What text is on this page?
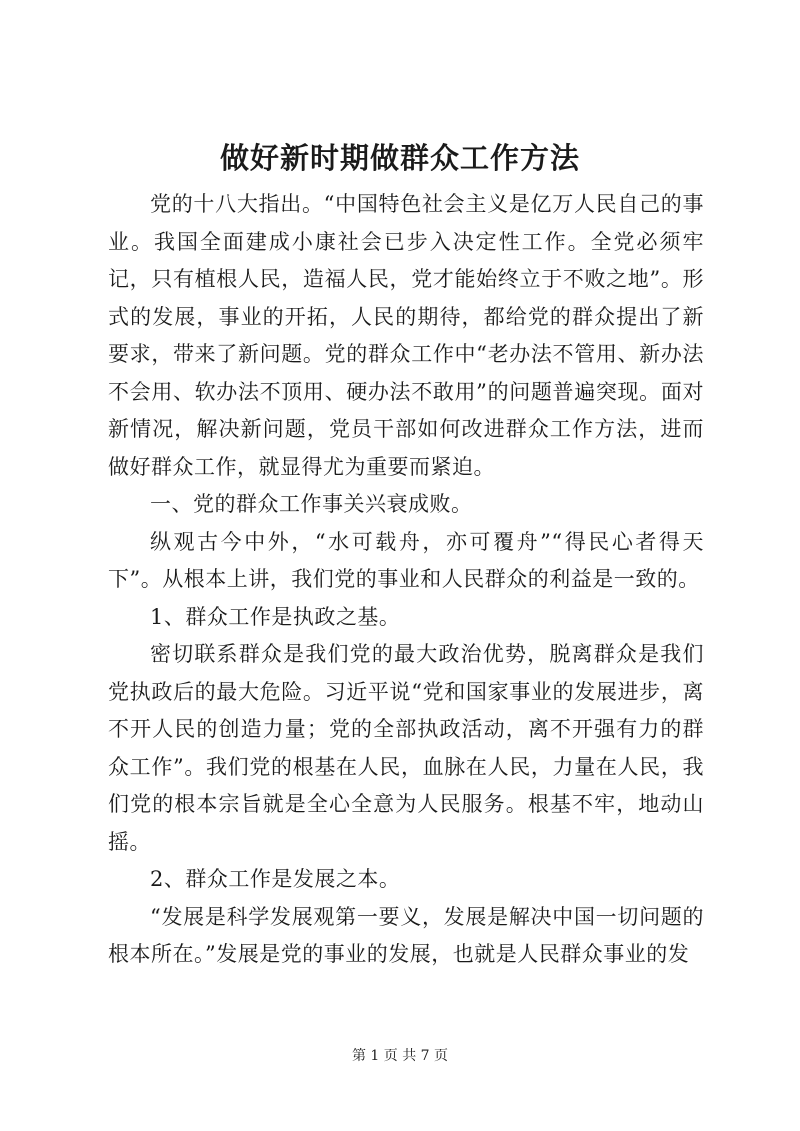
做好新时期做群众工作方法

党的十八大指出。“中国特色社会主义是亿万人民自己的事业。我国全面建成小康社会已步入决定性工作。全党必须牢记，只有植根人民，造福人民，党才能始终立于不败之地”。形式的发展，事业的开拓，人民的期待，都给党的群众提出了新要求，带来了新问题。党的群众工作中“老办法不管用、新办法不会用、软办法不顶用、硬办法不敢用”的问题普遍突现。面对新情况，解决新问题，党员干部如何改进群众工作方法，进而做好群众工作，就显得尤为重要而紧迫。

一、党的群众工作事关兴衰成败。

纵观古今中外，“水可载舟，亦可覆舟”“得民心者得天下”。从根本上讲，我们党的事业和人民群众的利益是一致的。

1、群众工作是执政之基。

密切联系群众是我们党的最大政治优势，脱离群众是我们党执政后的最大危险。习近平说“党和国家事业的发展进步，离不开人民的创造力量；党的全部执政活动，离不开强有力的群众工作”。我们党的根基在人民，血脉在人民，力量在人民，我们党的根本宗旨就是全心全意为人民服务。根基不牢，地动山摇。

2、群众工作是发展之本。

“发展是科学发展观第一要义，发展是解决中国一切问题的根本所在。”发展是党的事业的发展，也就是人民群众事业的发

第 1 页 共 7 页
